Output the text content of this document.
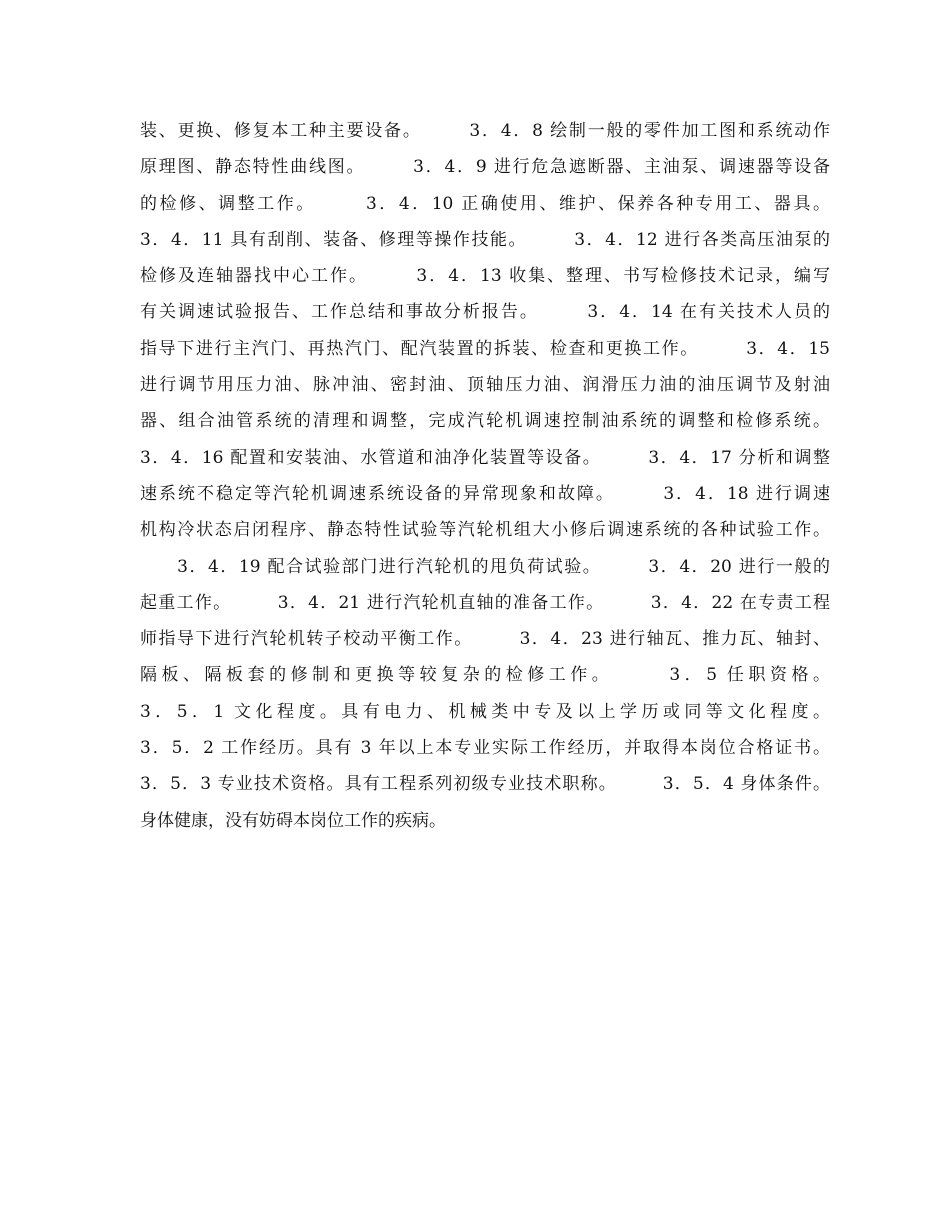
装、更换、修复本工种主要设备。　　　3．4．8 绘制一般的零件加工图和系统动作
原理图、静态特性曲线图。　　　3．4．9 进行危急遮断器、主油泵、调速器等设备
的检修、调整工作。　　　3．4．10 正确使用、维护、保养各种专用工、器具。
3．4．11 具有刮削、装备、修理等操作技能。　　　3．4．12 进行各类高压油泵的
检修及连轴器找中心工作。　　　3．4．13 收集、整理、书写检修技术记录，编写
有关调速试验报告、工作总结和事故分析报告。　　　3．4．14 在有关技术人员的
指导下进行主汽门、再热汽门、配汽装置的拆装、检查和更换工作。　　　3．4．15
进行调节用压力油、脉冲油、密封油、顶轴压力油、润滑压力油的油压调节及射油
器、组合油管系统的清理和调整，完成汽轮机调速控制油系统的调整和检修系统。
3．4．16 配置和安装油、水管道和油净化装置等设备。　　　3．4．17 分析和调整
速系统不稳定等汽轮机调速系统设备的异常现象和故障。　　　3．4．18 进行调速
机构冷状态启闭程序、静态特性试验等汽轮机组大小修后调速系统的各种试验工作。
　　3．4．19 配合试验部门进行汽轮机的甩负荷试验。　　　3．4．20 进行一般的
起重工作。　　　3．4．21 进行汽轮机直轴的准备工作。　　　3．4．22 在专责工程
师指导下进行汽轮机转子校动平衡工作。　　　3．4．23 进行轴瓦、推力瓦、轴封、
隔板、隔板套的修制和更换等较复杂的检修工作。　　　3．5 任职资格。
3．5．1 文化程度。具有电力、机械类中专及以上学历或同等文化程度。
3．5．2 工作经历。具有 3 年以上本专业实际工作经历，并取得本岗位合格证书。
3．5．3 专业技术资格。具有工程系列初级专业技术职称。　　　3．5．4 身体条件。
身体健康，没有妨碍本岗位工作的疾病。
